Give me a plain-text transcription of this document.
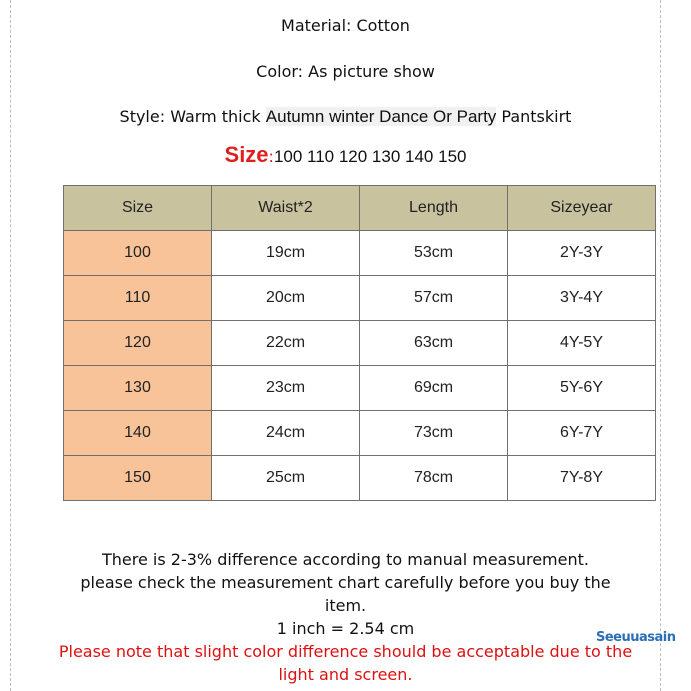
Material: Cotton
Color: As picture show
Style: Warm thick Autumn winter Dance Or Party Pantskirt
Size:100 110 120 130 140 150
Size	Waist*2	Length	Sizeyear
100	19cm	53cm	2Y-3Y
110	20cm	57cm	3Y-4Y
120	22cm	63cm	4Y-5Y
130	23cm	69cm	5Y-6Y
140	24cm	73cm	6Y-7Y
150	25cm	78cm	7Y-8Y
There is 2-3% difference according to manual measurement.
please check the measurement chart carefully before you buy the
item.
1 inch = 2.54 cm
Please note that slight color difference should be acceptable due to the
light and screen.
Seeuuasain
